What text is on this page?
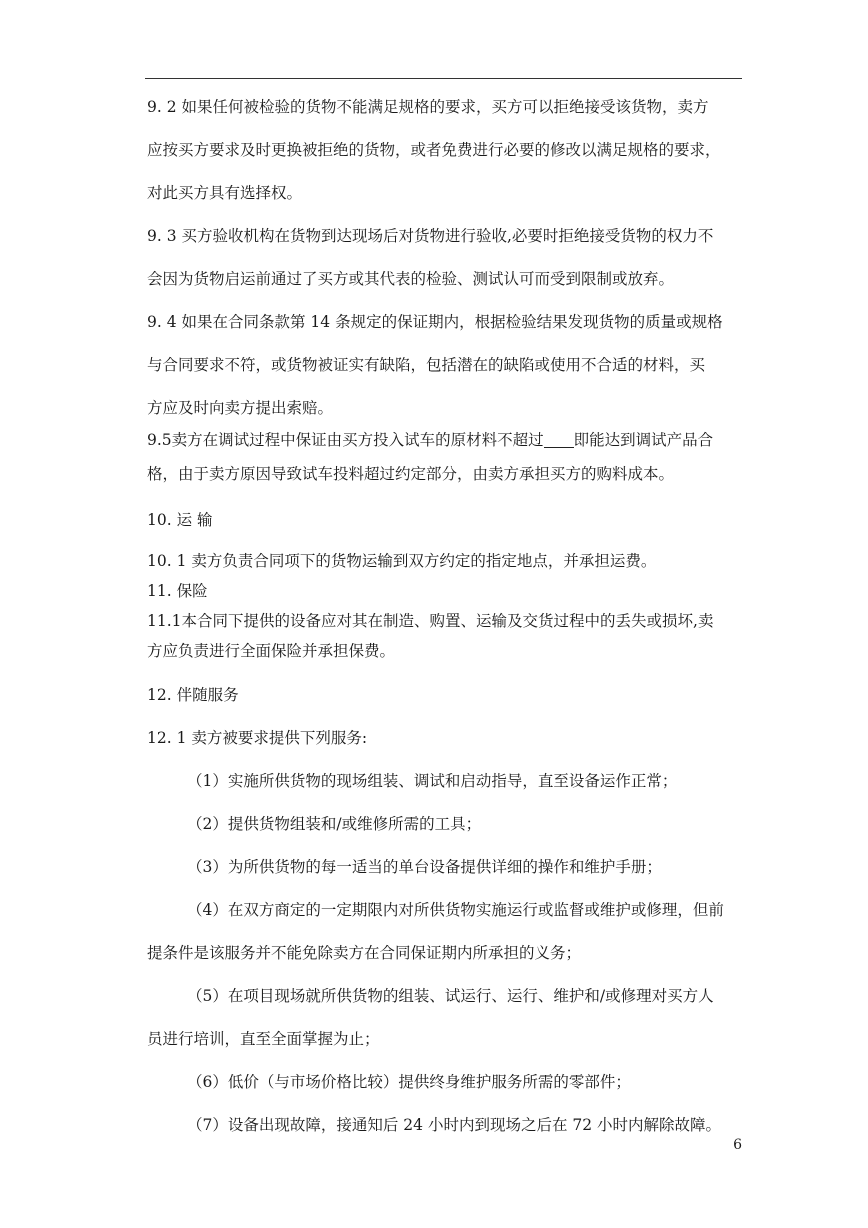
9. 2 如果任何被检验的货物不能满足规格的要求，买方可以拒绝接受该货物，卖方
应按买方要求及时更换被拒绝的货物，或者免费进行必要的修改以满足规格的要求，
对此买方具有选择权。
9. 3 买方验收机构在货物到达现场后对货物进行验收,必要时拒绝接受货物的权力不
会因为货物启运前通过了买方或其代表的检验、测试认可而受到限制或放弃。
9. 4 如果在合同条款第 14 条规定的保证期内，根据检验结果发现货物的质量或规格
与合同要求不符，或货物被证实有缺陷，包括潜在的缺陷或使用不合适的材料，买
方应及时向卖方提出索赔。
9.5卖方在调试过程中保证由买方投入试车的原材料不超过 即能达到调试产品合
格，由于卖方原因导致试车投料超过约定部分，由卖方承担买方的购料成本。
10. 运 输
10. 1 卖方负责合同项下的货物运输到双方约定的指定地点，并承担运费。
11. 保险
11.1本合同下提供的设备应对其在制造、购置、运输及交货过程中的丢失或损坏,卖
方应负责进行全面保险并承担保费。
12. 伴随服务
12. 1 卖方被要求提供下列服务:
（1）实施所供货物的现场组装、调试和启动指导，直至设备运作正常；
（2）提供货物组装和/或维修所需的工具；
（3）为所供货物的每一适当的单台设备提供详细的操作和维护手册；
（4）在双方商定的一定期限内对所供货物实施运行或监督或维护或修理，但前
提条件是该服务并不能免除卖方在合同保证期内所承担的义务；
（5）在项目现场就所供货物的组装、试运行、运行、维护和/或修理对买方人
员进行培训，直至全面掌握为止；
（6）低价（与市场价格比较）提供终身维护服务所需的零部件；
（7）设备出现故障，接通知后 24 小时内到现场之后在 72 小时内解除故障。
6
